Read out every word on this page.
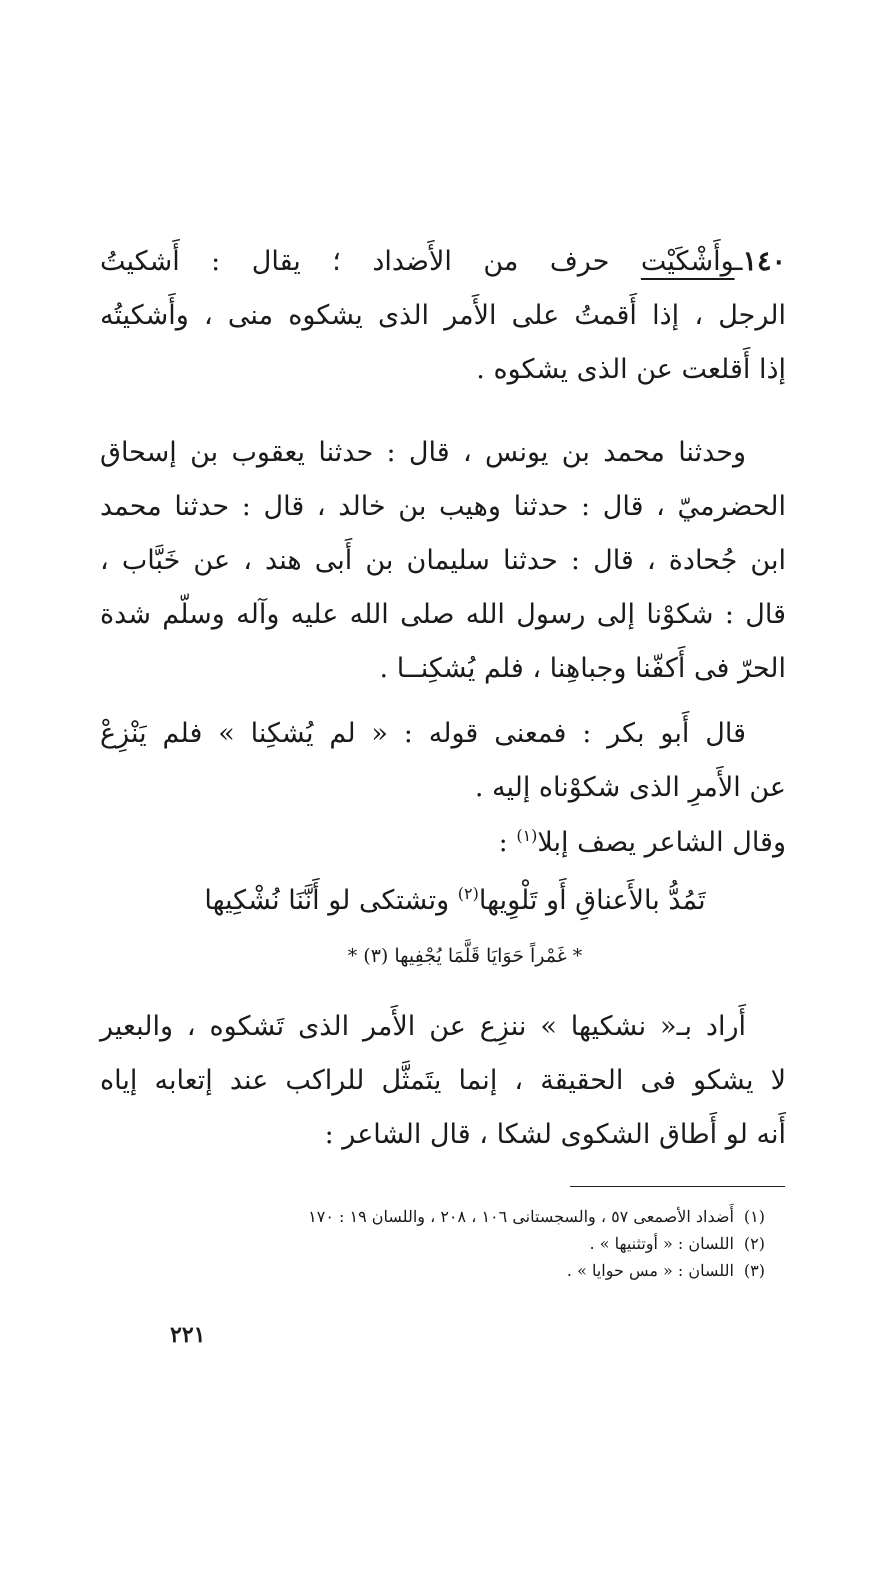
١٤٠ـوأَشْكَيْت حرف من الأَضداد ؛ يقال : أَشكيتُ
الرجل ، إذا أَقمتُ على الأَمر الذى يشكوه منى ، وأَشكيتُه
إذا أَقلعت عن الذى يشكوه .
وحدثنا محمد بن يونس ، قال : حدثنا يعقوب بن إسحاق
الحضرميّ ، قال : حدثنا وهيب بن خالد ، قال : حدثنا محمد
ابن جُحادة ، قال : حدثنا سليمان بن أَبى هند ، عن خَبَّاب ،
قال : شكوْنا إلى رسول الله صلى الله عليه وآله وسلّم شدة
الحرّ فى أَكفّنا وجباهِنا ، فلم يُشكِنــا .
قال أَبو بكر : فمعنى قوله : « لم يُشكِنا » فلم يَنْزِعْ
عن الأَمرِ الذى شكوْناه إليه .
وقال الشاعر يصف إبلا$^{(١)}$ :
تَمُدُّ بالأَعناقِ أَو تَلْوِيها$^{(٢)}$ وتشتكى لو أَنَّنَا نُشْكِيها
* غَمْراً حَوَايَا قَلَّمَا يُجْفِيها (٣) *
أَراد بـ« نشكيها » ننزِع عن الأَمر الذى تَشكوه ، والبعير
لا يشكو فى الحقيقة ، إنما يتَمثَّل للراكب عند إتعابه إياه
أَنه لو أَطاق الشكوى لشكا ، قال الشاعر :
(١)أَضداد الأصمعى ٥٧ ، والسجستانى ١٠٦ ، ٢٠٨ ، واللسان ١٩ : ١٧٠
(٢)اللسان : « أوتثنيها » .
(٣)اللسان : « مس حوايا » .
٢٢١
